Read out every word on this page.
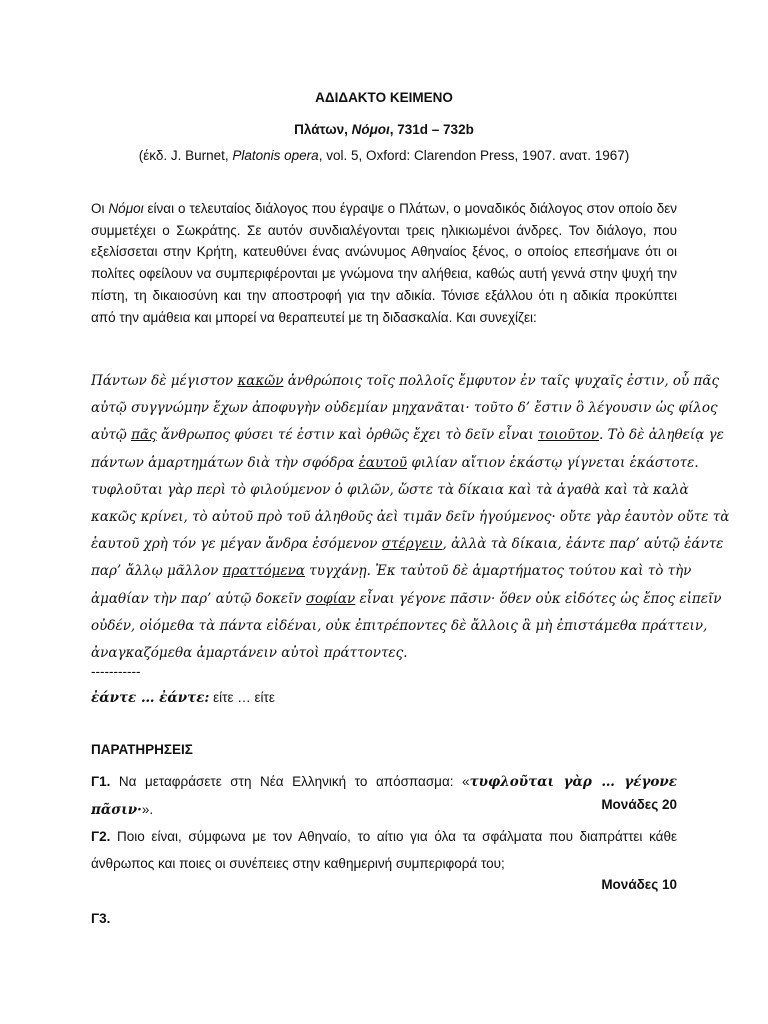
ΑΔΙΔΑΚΤΟ ΚΕΙΜΕΝΟ
Πλάτων, Νόμοι, 731d – 732b
(έκδ. J. Burnet, Platonis opera, vol. 5, Oxford: Clarendon Press, 1907. ανατ. 1967)
Οι Νόμοι είναι ο τελευταίος διάλογος που έγραψε ο Πλάτων, ο μοναδικός διάλογος στον οποίο δεν συμμετέχει ο Σωκράτης. Σε αυτόν συνδιαλέγονται τρεις ηλικιωμένοι άνδρες. Τον διάλογο, που εξελίσσεται στην Κρήτη, κατευθύνει ένας ανώνυμος Αθηναίος ξένος, ο οποίος επεσήμανε ότι οι πολίτες οφείλουν να συμπεριφέρονται με γνώμονα την αλήθεια, καθώς αυτή γεννά στην ψυχή την πίστη, τη δικαιοσύνη και την αποστροφή για την αδικία. Τόνισε εξάλλου ότι η αδικία προκύπτει από την αμάθεια και μπορεί να θεραπευτεί με τη διδασκαλία. Και συνεχίζει:
Πάντων δὲ μέγιστον κακῶν ἀνθρώποις τοῖς πολλοῖς ἔμφυτον ἐν ταῖς ψυχαῖς ἐστιν, οὗ πᾶς
αὐτῷ συγγνώμην ἔχων ἀποφυγὴν οὐδεμίαν μηχανᾶται· τοῦτο δ’ ἔστιν ὃ λέγουσιν ὡς φίλος
αὐτῷ πᾶς ἄνθρωπος φύσει τέ ἐστιν καὶ ὀρθῶς ἔχει τὸ δεῖν εἶναι τοιοῦτον. Τὸ δὲ ἀληθείᾳ γε
πάντων ἁμαρτημάτων διὰ τὴν σφόδρα ἑαυτοῦ φιλίαν αἴτιον ἑκάστῳ γίγνεται ἑκάστοτε.
τυφλοῦται γὰρ περὶ τὸ φιλούμενον ὁ φιλῶν, ὥστε τὰ δίκαια καὶ τὰ ἀγαθὰ καὶ τὰ καλὰ
κακῶς κρίνει, τὸ αὑτοῦ πρὸ τοῦ ἀληθοῦς ἀεὶ τιμᾶν δεῖν ἡγούμενος· οὔτε γὰρ ἑαυτὸν οὔτε τὰ
ἑαυτοῦ χρὴ τόν γε μέγαν ἄνδρα ἐσόμενον στέργειν, ἀλλὰ τὰ δίκαια, ἐάντε παρ’ αὑτῷ ἐάντε
παρ’ ἄλλῳ μᾶλλον πραττόμενα τυγχάνῃ. Ἐκ ταὐτοῦ δὲ ἁμαρτήματος τούτου καὶ τὸ τὴν
ἀμαθίαν τὴν παρ’ αὑτῷ δοκεῖν σοφίαν εἶναι γέγονε πᾶσιν· ὅθεν οὐκ εἰδότες ὡς ἔπος εἰπεῖν
οὐδέν, οἰόμεθα τὰ πάντα εἰδέναι, οὐκ ἐπιτρέποντες δὲ ἄλλοις ἃ μὴ ἐπιστάμεθα πράττειν,
ἀναγκαζόμεθα ἁμαρτάνειν αὐτοὶ πράττοντες.
-----------
ἐάντε … ἐάντε: είτε … είτε
ΠΑΡΑΤΗΡΗΣΕΙΣ
Γ1. Να μεταφράσετε στη Νέα Ελληνική το απόσπασμα: «τυφλοῦται γὰρ … γέγονε πᾶσιν·».	Μονάδες 20
Γ2. Ποιο είναι, σύμφωνα με τον Αθηναίο, το αίτιο για όλα τα σφάλματα που διαπράττει κάθε άνθρωπος και ποιες οι συνέπειες στην καθημερινή συμπεριφορά του;
Μονάδες 10
Γ3.
